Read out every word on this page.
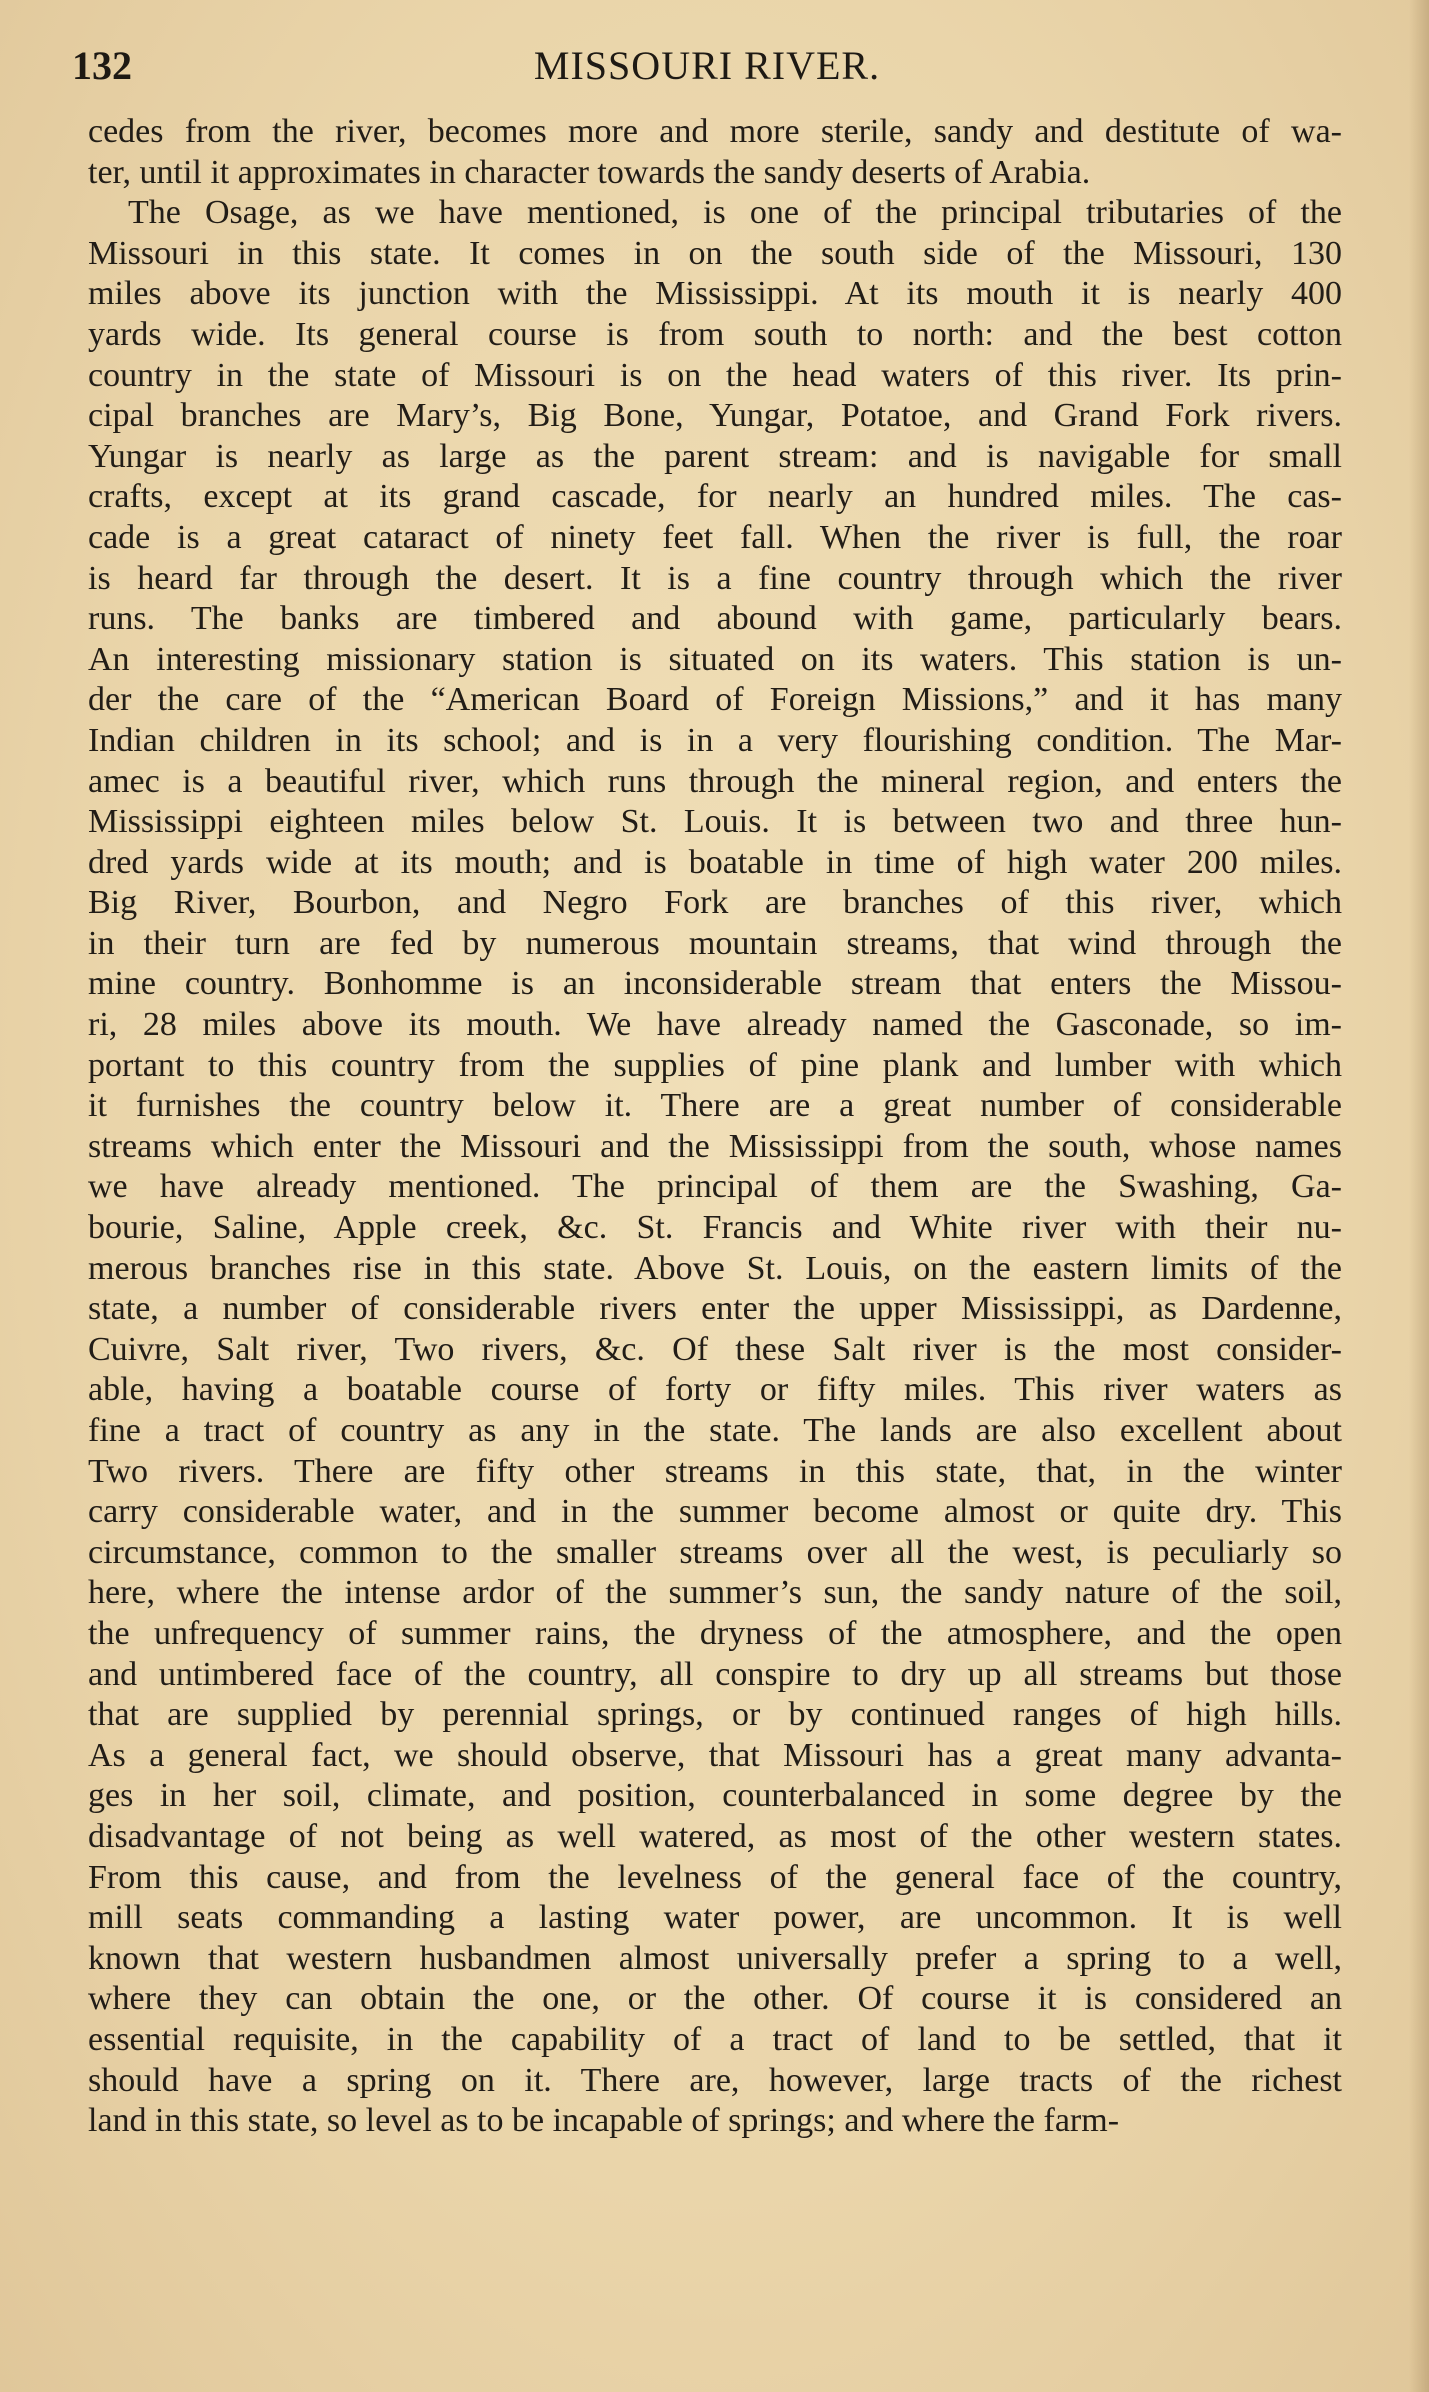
132	MISSOURI RIVER.
cedes from the river, becomes more and more sterile, sandy and destitute of wa-
ter, until it approximates in character towards the sandy deserts of Arabia.
The Osage, as we have mentioned, is one of the principal tributaries of the
Missouri in this state. It comes in on the south side of the Missouri, 130
miles above its junction with the Mississippi. At its mouth it is nearly 400
yards wide. Its general course is from south to north: and the best cotton
country in the state of Missouri is on the head waters of this river. Its prin-
cipal branches are Mary’s, Big Bone, Yungar, Potatoe, and Grand Fork rivers.
Yungar is nearly as large as the parent stream: and is navigable for small
crafts, except at its grand cascade, for nearly an hundred miles. The cas-
cade is a great cataract of ninety feet fall. When the river is full, the roar
is heard far through the desert. It is a fine country through which the river
runs. The banks are timbered and abound with game, particularly bears.
An interesting missionary station is situated on its waters. This station is un-
der the care of the “American Board of Foreign Missions,” and it has many
Indian children in its school; and is in a very flourishing condition. The Mar-
amec is a beautiful river, which runs through the mineral region, and enters the
Mississippi eighteen miles below St. Louis. It is between two and three hun-
dred yards wide at its mouth; and is boatable in time of high water 200 miles.
Big River, Bourbon, and Negro Fork are branches of this river, which
in their turn are fed by numerous mountain streams, that wind through the
mine country. Bonhomme is an inconsiderable stream that enters the Missou-
ri, 28 miles above its mouth. We have already named the Gasconade, so im-
portant to this country from the supplies of pine plank and lumber with which
it furnishes the country below it. There are a great number of considerable
streams which enter the Missouri and the Mississippi from the south, whose names
we have already mentioned. The principal of them are the Swashing, Ga-
bourie, Saline, Apple creek, &c. St. Francis and White river with their nu-
merous branches rise in this state. Above St. Louis, on the eastern limits of the
state, a number of considerable rivers enter the upper Mississippi, as Dardenne,
Cuivre, Salt river, Two rivers, &c. Of these Salt river is the most consider-
able, having a boatable course of forty or fifty miles. This river waters as
fine a tract of country as any in the state. The lands are also excellent about
Two rivers. There are fifty other streams in this state, that, in the winter
carry considerable water, and in the summer become almost or quite dry. This
circumstance, common to the smaller streams over all the west, is peculiarly so
here, where the intense ardor of the summer’s sun, the sandy nature of the soil,
the unfrequency of summer rains, the dryness of the atmosphere, and the open
and untimbered face of the country, all conspire to dry up all streams but those
that are supplied by perennial springs, or by continued ranges of high hills.
As a general fact, we should observe, that Missouri has a great many advanta-
ges in her soil, climate, and position, counterbalanced in some degree by the
disadvantage of not being as well watered, as most of the other western states.
From this cause, and from the levelness of the general face of the country,
mill seats commanding a lasting water power, are uncommon. It is well
known that western husbandmen almost universally prefer a spring to a well,
where they can obtain the one, or the other. Of course it is considered an
essential requisite, in the capability of a tract of land to be settled, that it
should have a spring on it. There are, however, large tracts of the richest
land in this state, so level as to be incapable of springs; and where the farm-
